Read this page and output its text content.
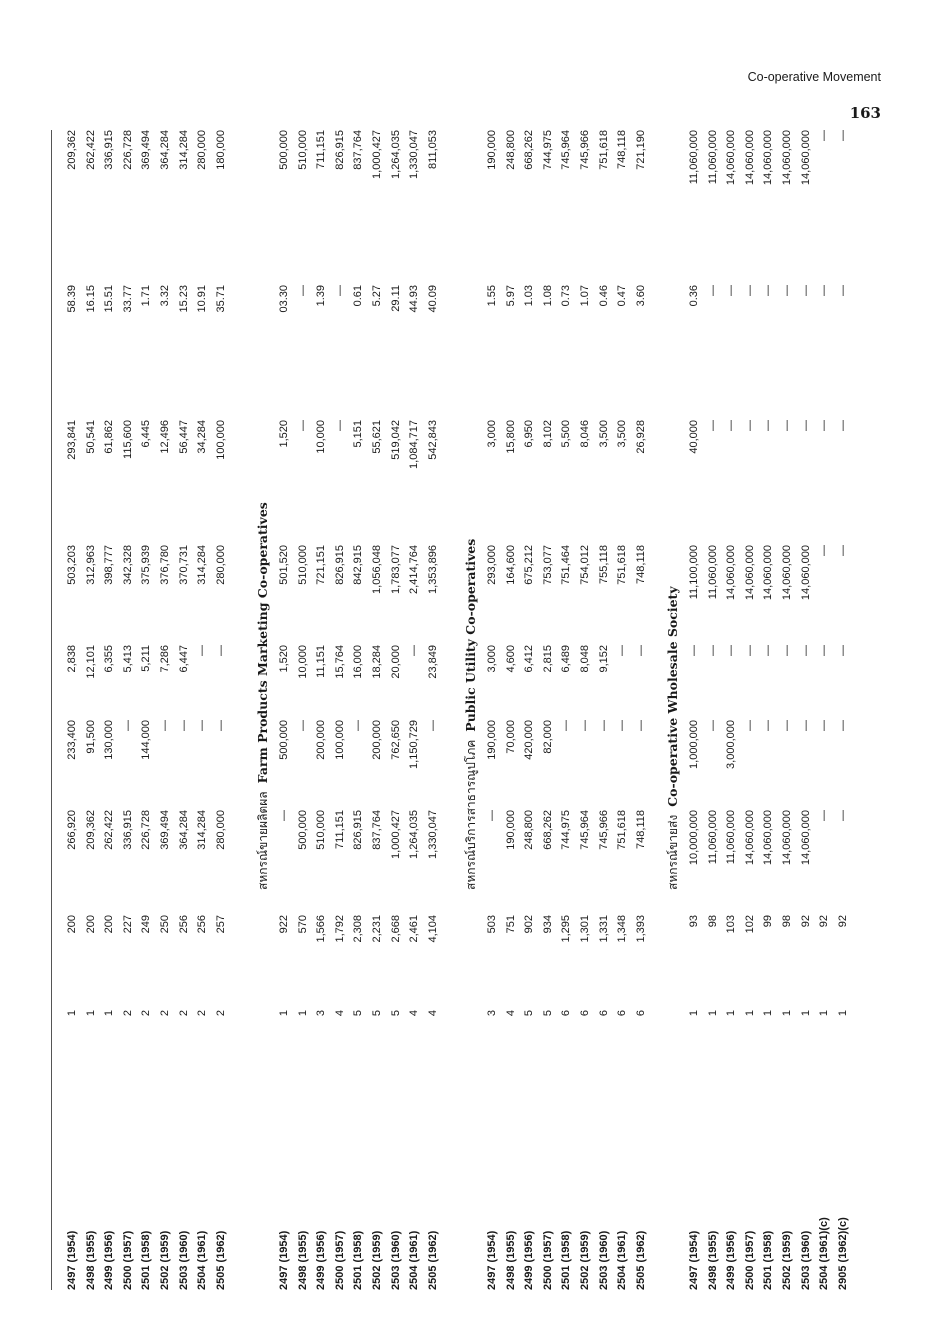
Co-operative Movement
163
2497 (1954)
1
200
266,920
233,400
2,838
503,203
293,841
58.39
209,362
2498 (1955)
1
200
209,362
91,500
12,101
312,963
50,541
16.15
262,422
2499 (1956)
1
200
262,422
130,000
6,355
398,777
61,862
15.51
336,915
2500 (1957)
2
227
336,915
—
5,413
342,328
115,600
33.77
226,728
2501 (1958)
2
249
226,728
144,000
5,211
375,939
6,445
1.71
369,494
2502 (1959)
2
250
369,494
—
7,286
376,780
12,496
3.32
364,284
2503 (1960)
2
256
364,284
—
6,447
370,731
56,447
15.23
314,284
2504 (1961)
2
256
314,284
—
—
314,284
34,284
10.91
280,000
2505 (1962)
2
257
280,000
—
—
280,000
100,000
35.71
180,000
สหกรณ์ขายผลิตผลFarm Products Marketing Co-operatives
2497 (1954)
1
922
—
500,000
1,520
501,520
1,520
03.30
500,000
2498 (1955)
1
570
500,000
—
10,000
510,000
—
—
510,000
2499 (1956)
3
1,566
510,000
200,000
11,151
721,151
10,000
1.39
711,151
2500 (1957)
4
1,792
711,151
100,000
15,764
826,915
—
—
826,915
2501 (1958)
5
2,308
826,915
—
16,000
842,915
5,151
0.61
837,764
2502 (1959)
5
2,231
837,764
200,000
18,284
1,056,048
55,621
5.27
1,000,427
2503 (1960)
5
2,668
1,000,427
762,650
20,000
1,783,077
519,042
29.11
1,264,035
2504 (1961)
4
2,461
1,264,035
1,150,729
—
2,414,764
1,084,717
44.93
1,330,047
2505 (1962)
4
4,104
1,330,047
—
23,849
1,353,896
542,843
40.09
811,053
สหกรณ์บริการสาธารณูปโภคPublic Utility Co-operatives
2497 (1954)
3
503
—
190,000
3,000
293,000
3,000
1.55
190,000
2498 (1955)
4
751
190,000
70,000
4,600
164,600
15,800
5.97
248,800
2499 (1956)
5
902
248,800
420,000
6,412
675,212
6,950
1.03
668,262
2500 (1957)
5
934
668,262
82,000
2,815
753,077
8,102
1.08
744,975
2501 (1958)
6
1,295
744,975
—
6,489
751,464
5,500
0.73
745,964
2502 (1959)
6
1,301
745,964
—
8,048
754,012
8,046
1.07
745,966
2503 (1960)
6
1,331
745,966
—
9,152
755,118
3,500
0.46
751,618
2504 (1961)
6
1,348
751,618
—
—
751,618
3,500
0.47
748,118
2505 (1962)
6
1,393
748,118
—
—
748,118
26,928
3.60
721,190
สหกรณ์ขายส่งCo-operative Wholesale Society
2497 (1954)
1
93
10,000,000
1,000,000
—
11,100,000
40,000
0.36
11,060,000
2498 (1955)
1
98
11,060,000
—
—
11,060,000
—
—
11,060,000
2499 (1956)
1
103
11,060,000
3,000,000
—
14,060,000
—
—
14,060,000
2500 (1957)
1
102
14,060,000
—
—
14,060,000
—
—
14,060,000
2501 (1958)
1
99
14,060,000
—
—
14,060,000
—
—
14,060,000
2502 (1959)
1
98
14,060,000
—
—
14,060,000
—
—
14,060,000
2503 (1960)
1
92
14,060,000
—
—
14,060,000
—
—
14,060,000
2504 (1961)(c)
1
92
—
—
—
—
—
—
—
2905 (1962)(c)
1
92
—
—
—
—
—
—
—
